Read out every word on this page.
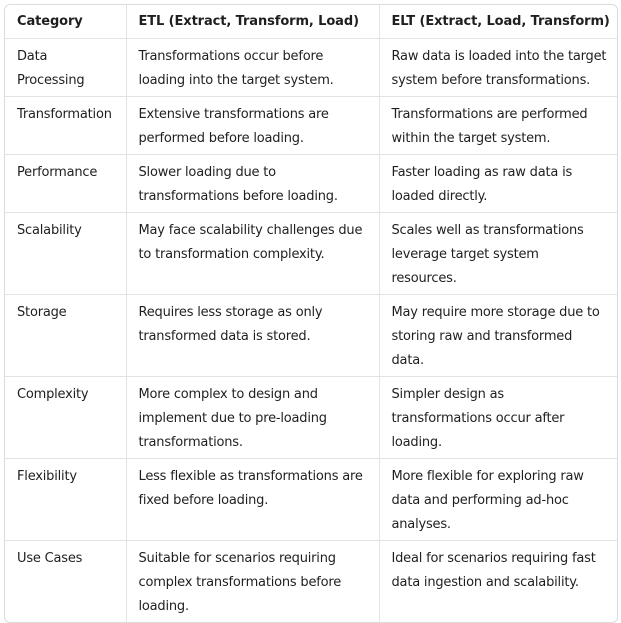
Category	ETL (Extract, Transform, Load)	ELT (Extract, Load, Transform)
Data Processing	Transformations occur before loading into the target system.	Raw data is loaded into the target system before transformations.
Transformation	Extensive transformations are performed before loading.	Transformations are performed within the target system.
Performance	Slower loading due to transformations before loading.	Faster loading as raw data is loaded directly.
Scalability	May face scalability challenges due to transformation complexity.	Scales well as transformations leverage target system resources.
Storage	Requires less storage as only transformed data is stored.	May require more storage due to storing raw and transformed data.
Complexity	More complex to design and implement due to pre-loading transformations.	Simpler design as transformations occur after loading.
Flexibility	Less flexible as transformations are fixed before loading.	More flexible for exploring raw data and performing ad-hoc analyses.
Use Cases	Suitable for scenarios requiring complex transformations before loading.	Ideal for scenarios requiring fast data ingestion and scalability.
